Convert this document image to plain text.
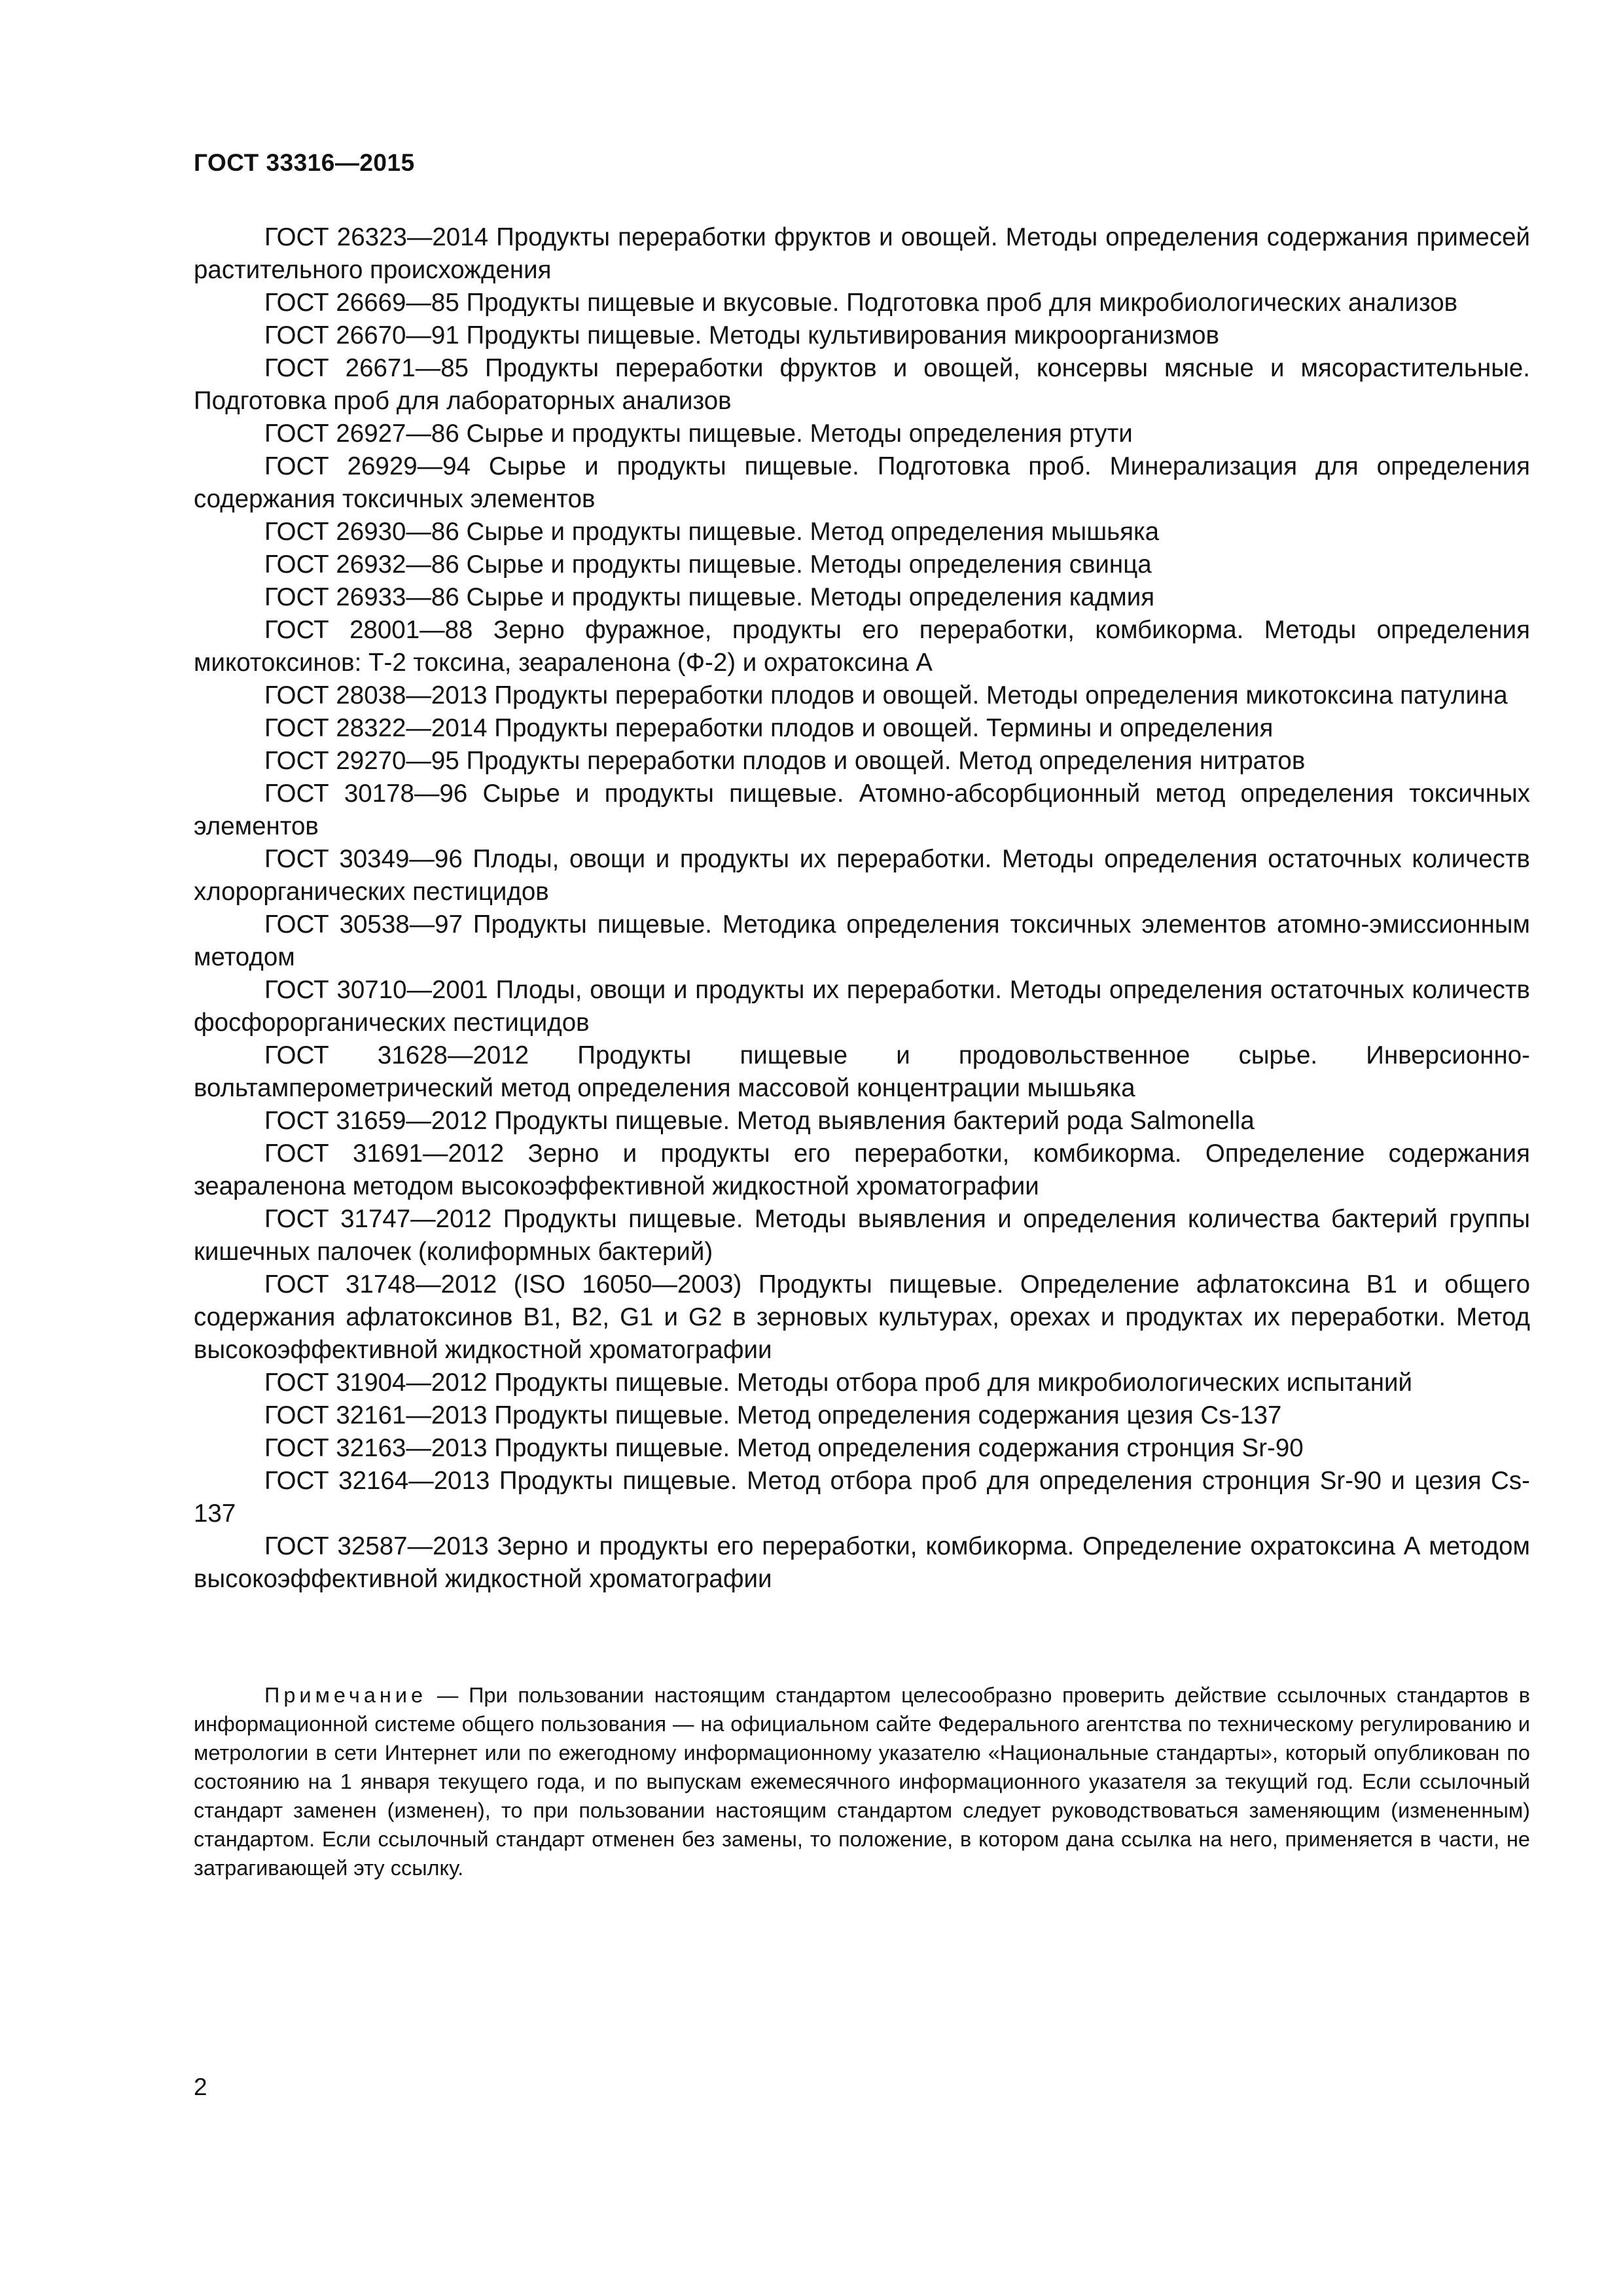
ГОСТ 33316—2015

ГОСТ 26323—2014 Продукты переработки фруктов и овощей. Методы определения содержания примесей растительного происхождения

ГОСТ 26669—85 Продукты пищевые и вкусовые. Подготовка проб для микробиологических анализов

ГОСТ 26670—91 Продукты пищевые. Методы культивирования микроорганизмов

ГОСТ 26671—85 Продукты переработки фруктов и овощей, консервы мясные и мясорастительные. Подготовка проб для лабораторных анализов

ГОСТ 26927—86 Сырье и продукты пищевые. Методы определения ртути

ГОСТ 26929—94 Сырье и продукты пищевые. Подготовка проб. Минерализация для определения содержания токсичных элементов

ГОСТ 26930—86 Сырье и продукты пищевые. Метод определения мышьяка

ГОСТ 26932—86 Сырье и продукты пищевые. Методы определения свинца

ГОСТ 26933—86 Сырье и продукты пищевые. Методы определения кадмия

ГОСТ 28001—88 Зерно фуражное, продукты его переработки, комбикорма. Методы определения микотоксинов: Т-2 токсина, зеараленона (Ф-2) и охратоксина А

ГОСТ 28038—2013 Продукты переработки плодов и овощей. Методы определения микотоксина патулина

ГОСТ 28322—2014 Продукты переработки плодов и овощей. Термины и определения

ГОСТ 29270—95 Продукты переработки плодов и овощей. Метод определения нитратов

ГОСТ 30178—96 Сырье и продукты пищевые. Атомно-абсорбционный метод определения токсичных элементов

ГОСТ 30349—96 Плоды, овощи и продукты их переработки. Методы определения остаточных количеств хлорорганических пестицидов

ГОСТ 30538—97 Продукты пищевые. Методика определения токсичных элементов атомно-эмиссионным методом

ГОСТ 30710—2001 Плоды, овощи и продукты их переработки. Методы определения остаточных количеств фосфорорганических пестицидов

ГОСТ 31628—2012 Продукты пищевые и продовольственное сырье. Инверсионно-вольтамперометрический метод определения массовой концентрации мышьяка

ГОСТ 31659—2012 Продукты пищевые. Метод выявления бактерий рода Salmonella

ГОСТ 31691—2012 Зерно и продукты его переработки, комбикорма. Определение содержания зеараленона методом высокоэффективной жидкостной хроматографии

ГОСТ 31747—2012 Продукты пищевые. Методы выявления и определения количества бактерий группы кишечных палочек (колиформных бактерий)

ГОСТ 31748—2012 (ISO 16050—2003) Продукты пищевые. Определение афлатоксина В1 и общего содержания афлатоксинов В1, В2, G1 и G2 в зерновых культурах, орехах и продуктах их переработки. Метод высокоэффективной жидкостной хроматографии

ГОСТ 31904—2012 Продукты пищевые. Методы отбора проб для микробиологических испытаний

ГОСТ 32161—2013 Продукты пищевые. Метод определения содержания цезия Cs-137

ГОСТ 32163—2013 Продукты пищевые. Метод определения содержания стронция Sr-90

ГОСТ 32164—2013 Продукты пищевые. Метод отбора проб для определения стронция Sr-90 и цезия Cs-137

ГОСТ 32587—2013 Зерно и продукты его переработки, комбикорма. Определение охратоксина А методом высокоэффективной жидкостной хроматографии

Примечание — При пользовании настоящим стандартом целесообразно проверить действие ссылочных стандартов в информационной системе общего пользования — на официальном сайте Федерального агентства по техническому регулированию и метрологии в сети Интернет или по ежегодному информационному указателю «Национальные стандарты», который опубликован по состоянию на 1 января текущего года, и по выпускам ежемесячного информационного указателя за текущий год. Если ссылочный стандарт заменен (изменен), то при пользовании настоящим стандартом следует руководствоваться заменяющим (измененным) стандартом. Если ссылочный стандарт отменен без замены, то положение, в котором дана ссылка на него, применяется в части, не затрагивающей эту ссылку.

2
